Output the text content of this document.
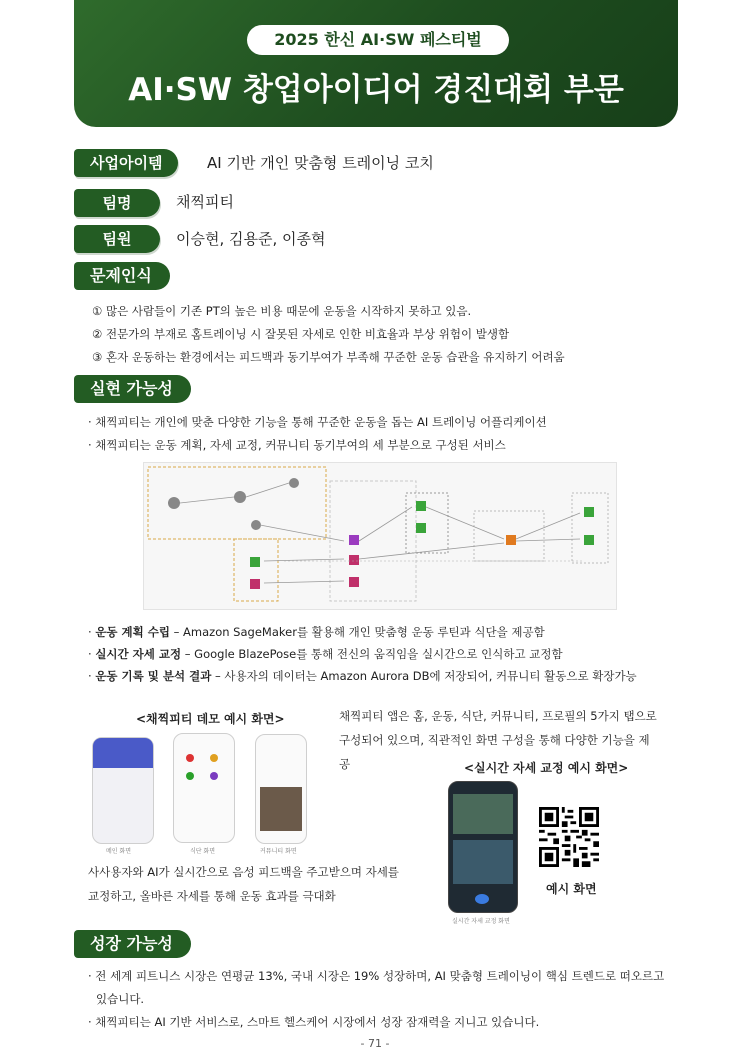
2025 한신 AI·SW 페스티벌
AI·SW 창업아이디어 경진대회 부문
사업아이템	AI 기반 개인 맞춤형 트레이닝 코치
팀명	채찍피티
팀원	이승현, 김용준, 이종혁
문제인식
① 많은 사람들이 기존 PT의 높은 비용 때문에 운동을 시작하지 못하고 있음.
② 전문가의 부재로 홈트레이닝 시 잘못된 자세로 인한 비효율과 부상 위험이 발생함
③ 혼자 운동하는 환경에서는 피드백과 동기부여가 부족해 꾸준한 운동 습관을 유지하기 어려움
실현 가능성
· 채찍피티는 개인에 맞춘 다양한 기능을 통해 꾸준한 운동을 돕는 AI 트레이닝 어플리케이션
· 채찍피티는 운동 계획, 자세 교정, 커뮤니티 동기부여의 세 부분으로 구성된 서비스
· 운동 계획 수립 – Amazon SageMaker를 활용해 개인 맞춤형 운동 루틴과 식단을 제공함
· 실시간 자세 교정 – Google BlazePose를 통해 전신의 움직임을 실시간으로 인식하고 교정함
· 운동 기록 및 분석 결과 – 사용자의 데이터는 Amazon Aurora DB에 저장되어, 커뮤니티 활동으로 확장가능
<채찍피티 데모 예시 화면>
메인 화면	식단 화면	커뮤니티 화면
채찍피티 앱은 홈, 운동, 식단, 커뮤니티, 프로필의 5가지 탭으로 구성되어 있으며, 직관적인 화면 구성을 통해 다양한 기능을 제공	<실시간 자세 교정 예시 화면>
실시간 자세 교정 화면
예시 화면
사사용자와 AI가 실시간으로 음성 피드백을 주고받으며 자세를 교정하고, 올바른 자세를 통해 운동 효과를 극대화
성장 가능성
· 전 세계 피트니스 시장은 연평균 13%, 국내 시장은 19% 성장하며, AI 맞춤형 트레이닝이 핵심 트렌드로 떠오르고
있습니다.
· 채찍피티는 AI 기반 서비스로, 스마트 헬스케어 시장에서 성장 잠재력을 지니고 있습니다.
- 71 -
